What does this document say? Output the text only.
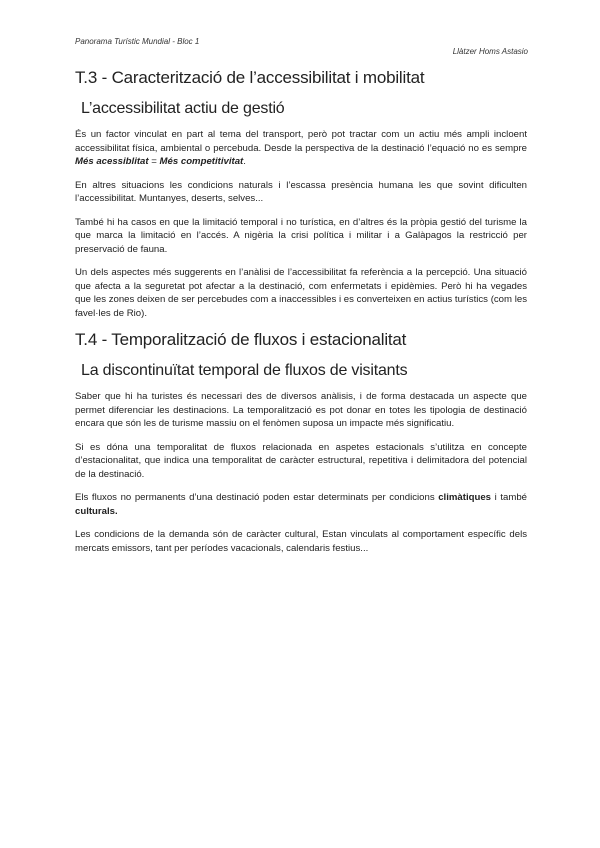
Panorama Turístic Mundial - Bloc 1
Llàtzer Homs Astasio
T.3 - Caracterització de l’accessibilitat i mobilitat
L’accessibilitat actiu de gestió

És un factor vinculat en part al tema del transport, però pot tractar com un actiu més ampli incloent accessibilitat física, ambiental o percebuda. Desde la perspectiva de la destinació l’equació no es sempre Més acessiblitat = Més competitivitat.

En altres situacions les condicions naturals i l’escassa presència humana les que sovint dificulten l’accessibilitat. Muntanyes, deserts, selves...

També hi ha casos en que la limitació temporal i no turística, en d’altres és la pròpia gestió del turisme la que marca la limitació en l’accés. A nigèria la crisi política i militar i a Galàpagos la restricció per preservació de fauna.

Un dels aspectes més suggerents en l’anàlisi de l’accessibilitat fa referència a la percepció. Una situació que afecta a la seguretat pot afectar a la destinació, com enfermetats i epidèmies. Però hi ha vegades que les zones deixen de ser percebudes com a inaccessibles i es converteixen en actius turístics (com les favel·les de Rio).

T.4 - Temporalització de fluxos i estacionalitat
La discontinuïtat temporal de fluxos de visitants

Saber que hi ha turistes és necessari des de diversos anàlisis, i de forma destacada un aspecte que permet diferenciar les destinacions. La temporalització es pot donar en totes les tipologia de destinació encara que són les de turisme massiu on el fenòmen suposa un impacte més significatiu.

Si es dóna una temporalitat de fluxos relacionada en aspetes estacionals s’utilitza en concepte d’estacionalitat, que indica una temporalitat de caràcter estructural, repetitiva i delimitadora del potencial de la destinació.

Els fluxos no permanents d’una destinació poden estar determinats per condicions climàtiques i també culturals.

Les condicions de la demanda són de caràcter cultural, Estan vinculats al comportament específic dels mercats emissors, tant per períodes vacacionals, calendaris festius...
